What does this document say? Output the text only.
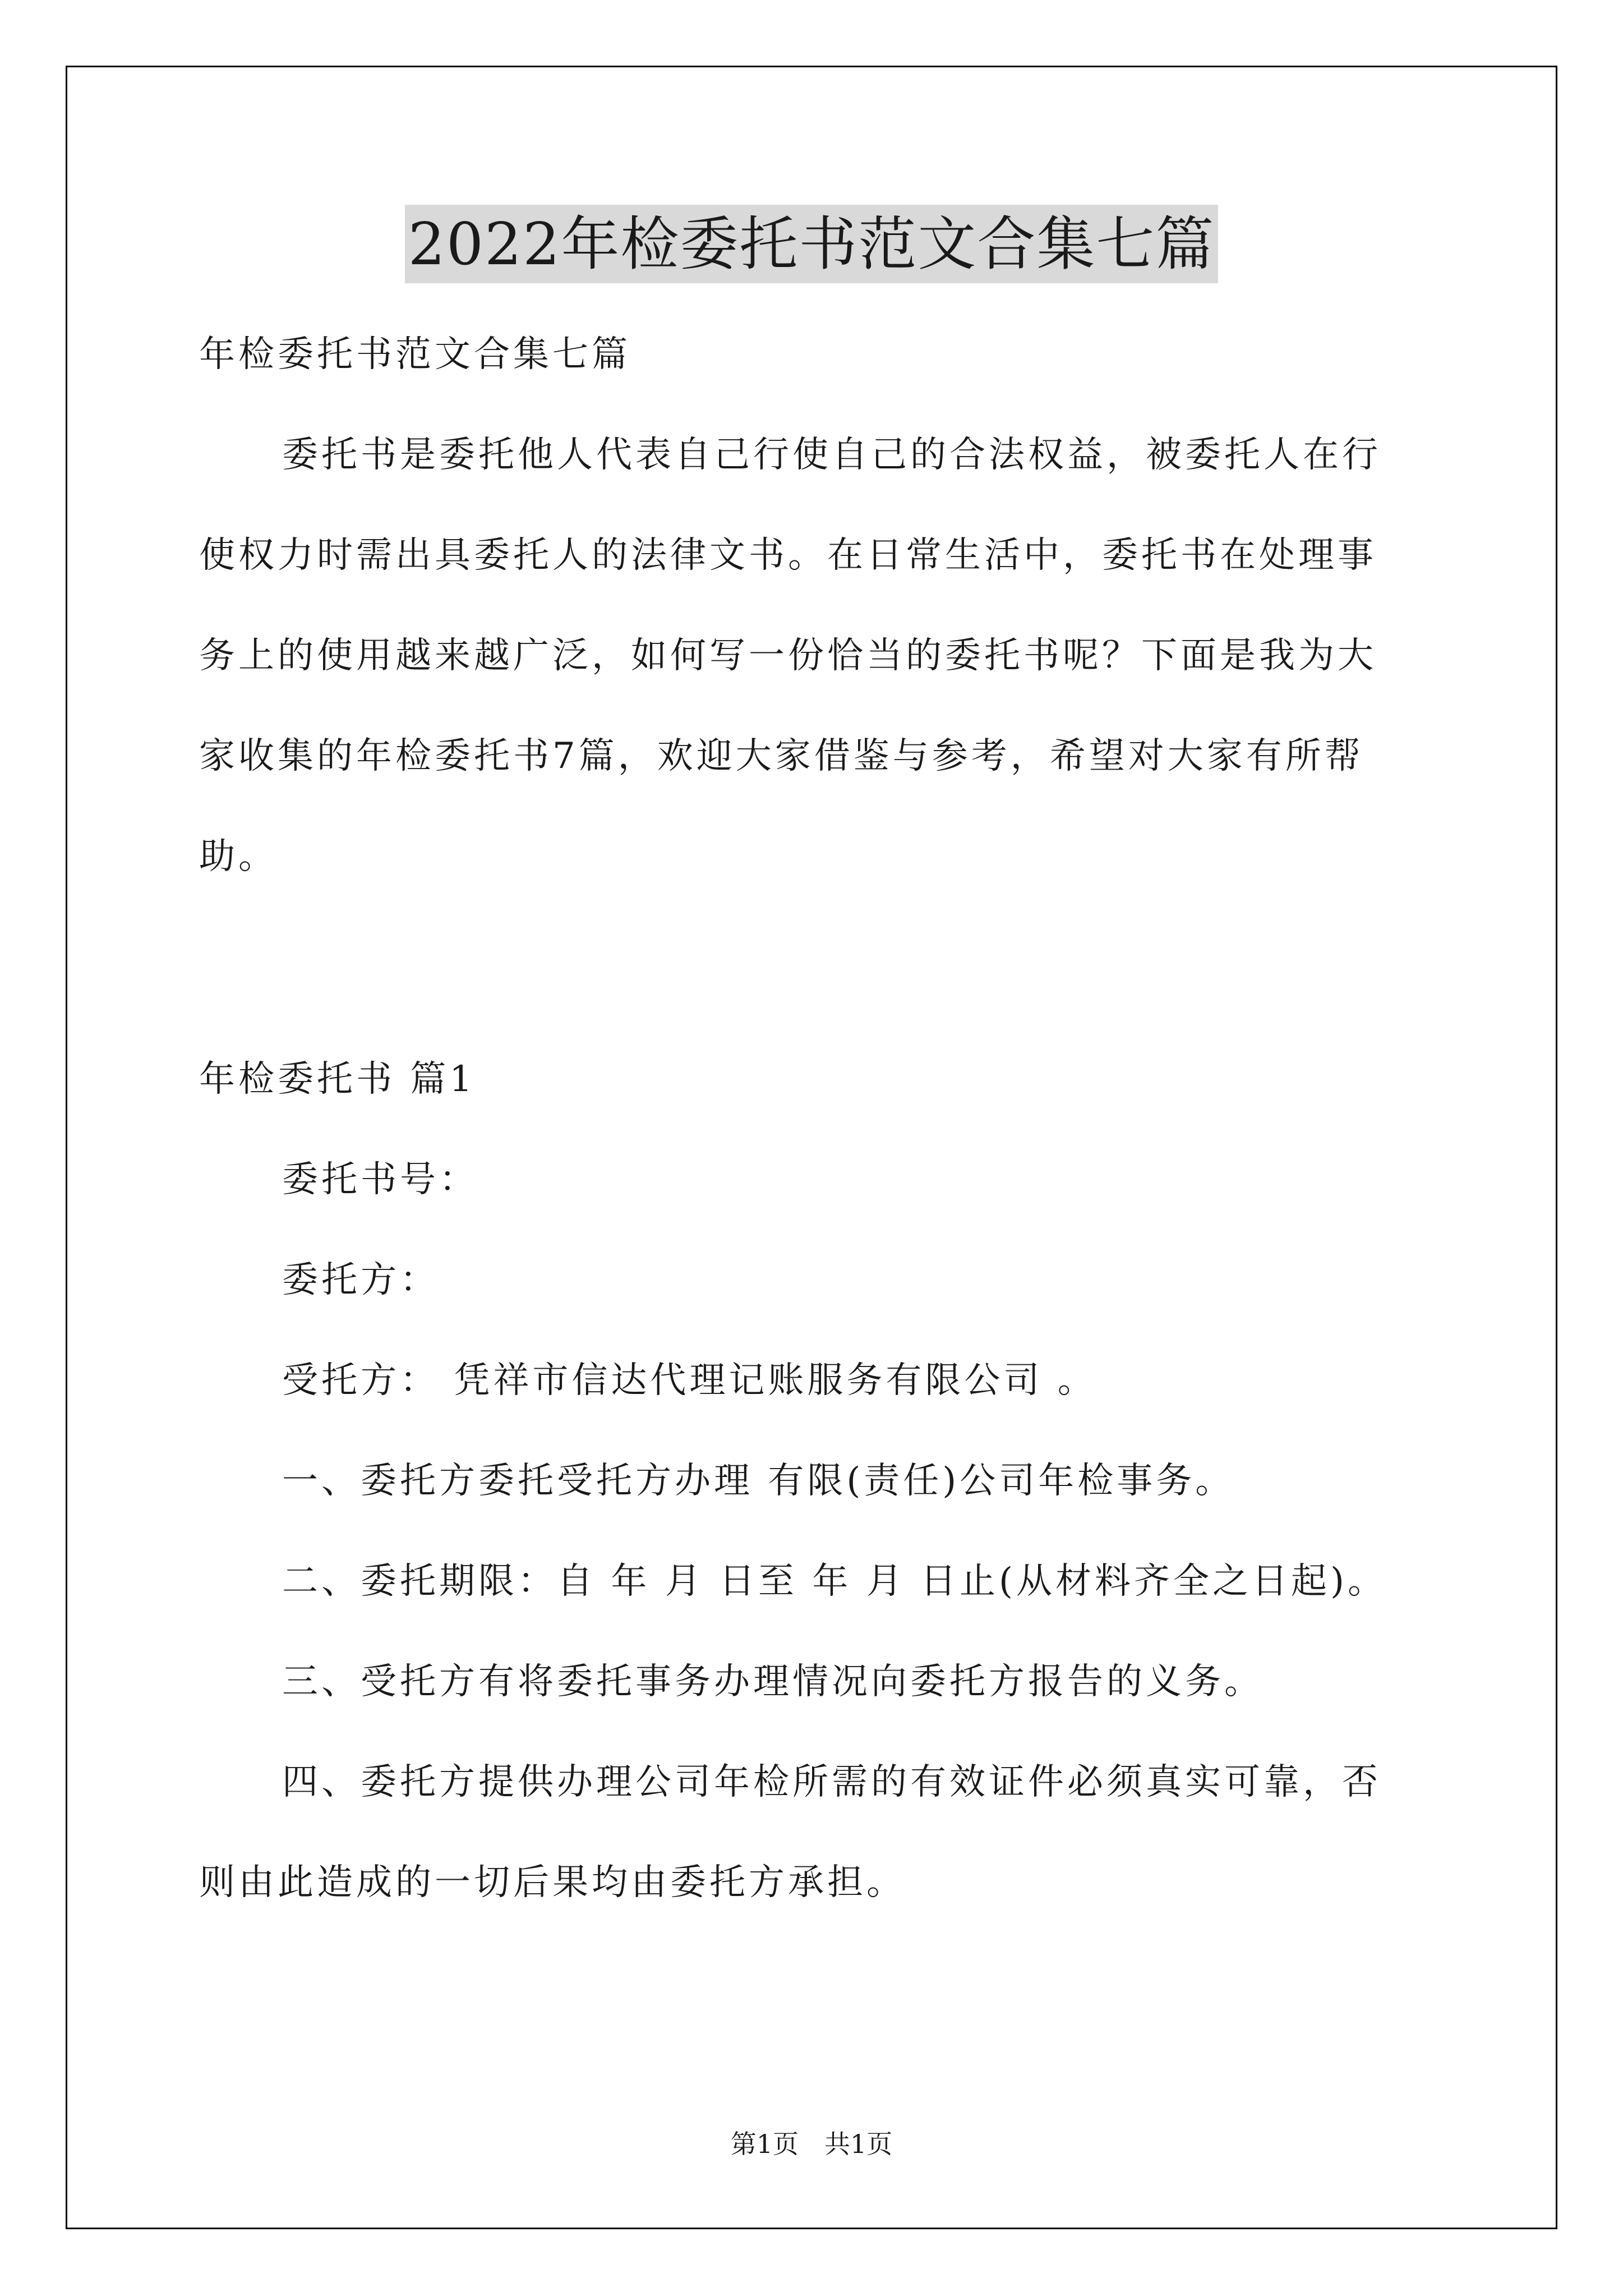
2022年检委托书范文合集七篇
年检委托书范文合集七篇
委托书是委托他人代表自己行使自己的合法权益，被委托人在行
使权力时需出具委托人的法律文书。在日常生活中，委托书在处理事
务上的使用越来越广泛，如何写一份恰当的委托书呢？下面是我为大
家收集的年检委托书7篇，欢迎大家借鉴与参考，希望对大家有所帮
助。
年检委托书 篇1
委托书号：
委托方：
受托方： 凭祥市信达代理记账服务有限公司 。
一、委托方委托受托方办理 有限(责任)公司年检事务。
二、委托期限：自 年 月 日至 年 月 日止(从材料齐全之日起)。
三、受托方有将委托事务办理情况向委托方报告的义务。
四、委托方提供办理公司年检所需的有效证件必须真实可靠，否
则由此造成的一切后果均由委托方承担。
第1页　共1页
